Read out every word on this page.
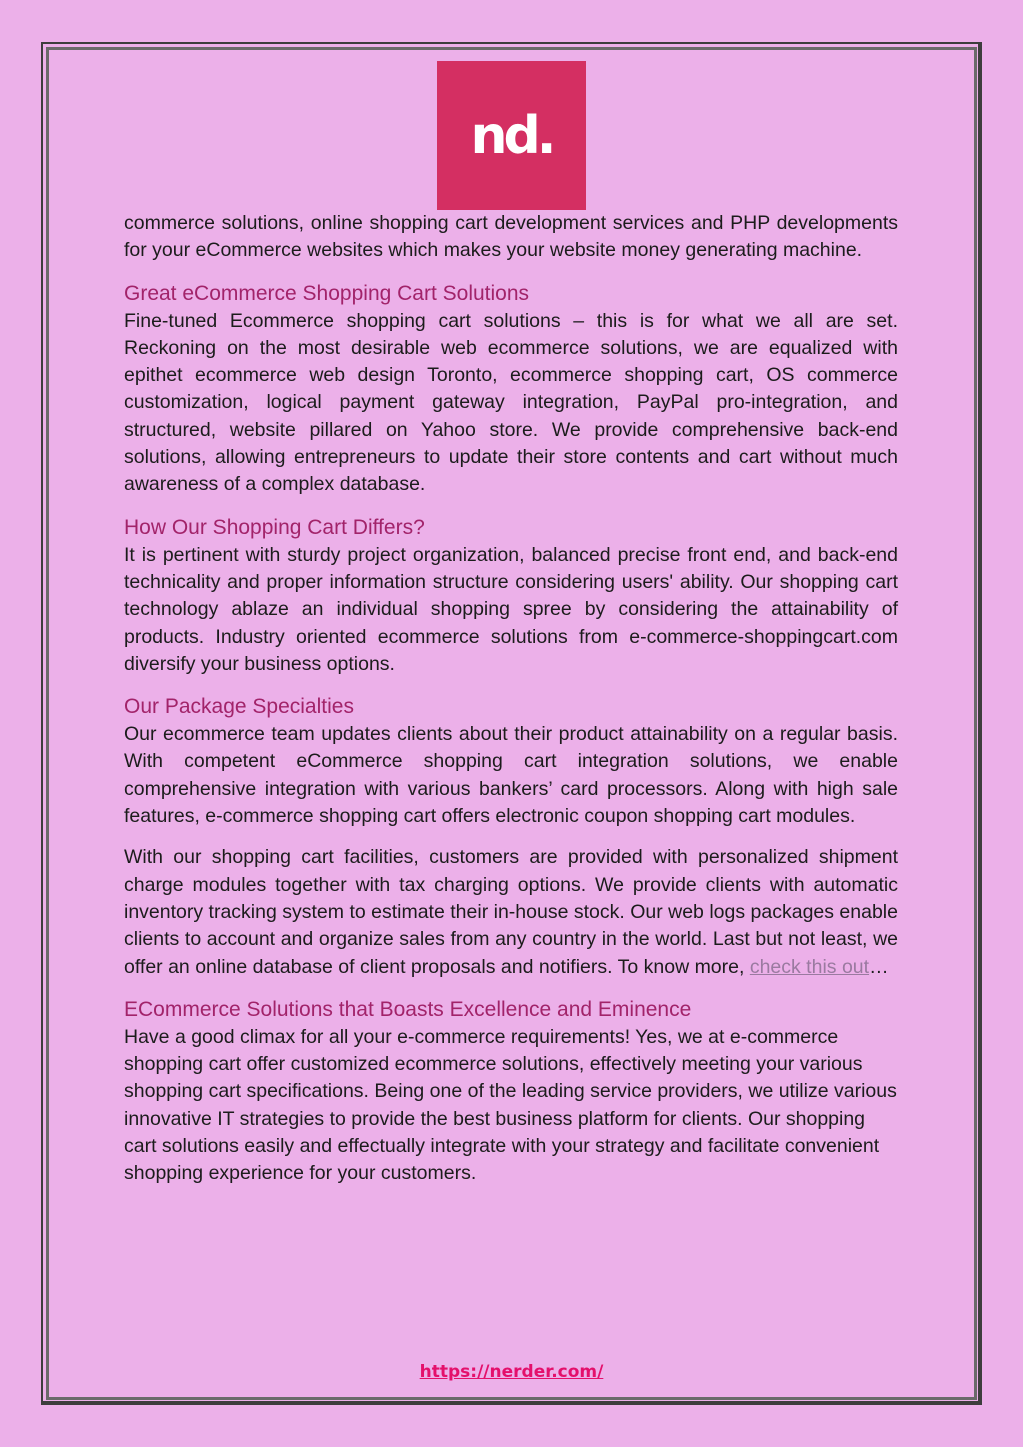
nd.

commerce solutions, online shopping cart development services and PHP developments for your eCommerce websites which makes your website money generating machine.

Great eCommerce Shopping Cart Solutions

Fine-tuned Ecommerce shopping cart solutions – this is for what we all are set. Reckoning on the most desirable web ecommerce solutions, we are equalized with epithet ecommerce web design Toronto, ecommerce shopping cart, OS commerce customization, logical payment gateway integration, PayPal pro-integration, and structured, website pillared on Yahoo store. We provide comprehensive back-end solutions, allowing entrepreneurs to update their store contents and cart without much awareness of a complex database.

How Our Shopping Cart Differs?

It is pertinent with sturdy project organization, balanced precise front end, and back-end technicality and proper information structure considering users' ability. Our shopping cart technology ablaze an individual shopping spree by considering the attainability of products. Industry oriented ecommerce solutions from e-commerce-shoppingcart.com diversify your business options.

Our Package Specialties

Our ecommerce team updates clients about their product attainability on a regular basis. With competent eCommerce shopping cart integration solutions, we enable comprehensive integration with various bankers’ card processors. Along with high sale features, e-commerce shopping cart offers electronic coupon shopping cart modules.

With our shopping cart facilities, customers are provided with personalized shipment charge modules together with tax charging options. We provide clients with automatic inventory tracking system to estimate their in-house stock. Our web logs packages enable clients to account and organize sales from any country in the world. Last but not least, we offer an online database of client proposals and notifiers. To know more, check this out…

ECommerce Solutions that Boasts Excellence and Eminence

Have a good climax for all your e-commerce requirements! Yes, we at e-commerce shopping cart offer customized ecommerce solutions, effectively meeting your various shopping cart specifications. Being one of the leading service providers, we utilize various innovative IT strategies to provide the best business platform for clients. Our shopping cart solutions easily and effectually integrate with your strategy and facilitate convenient shopping experience for your customers.

https://nerder.com/
